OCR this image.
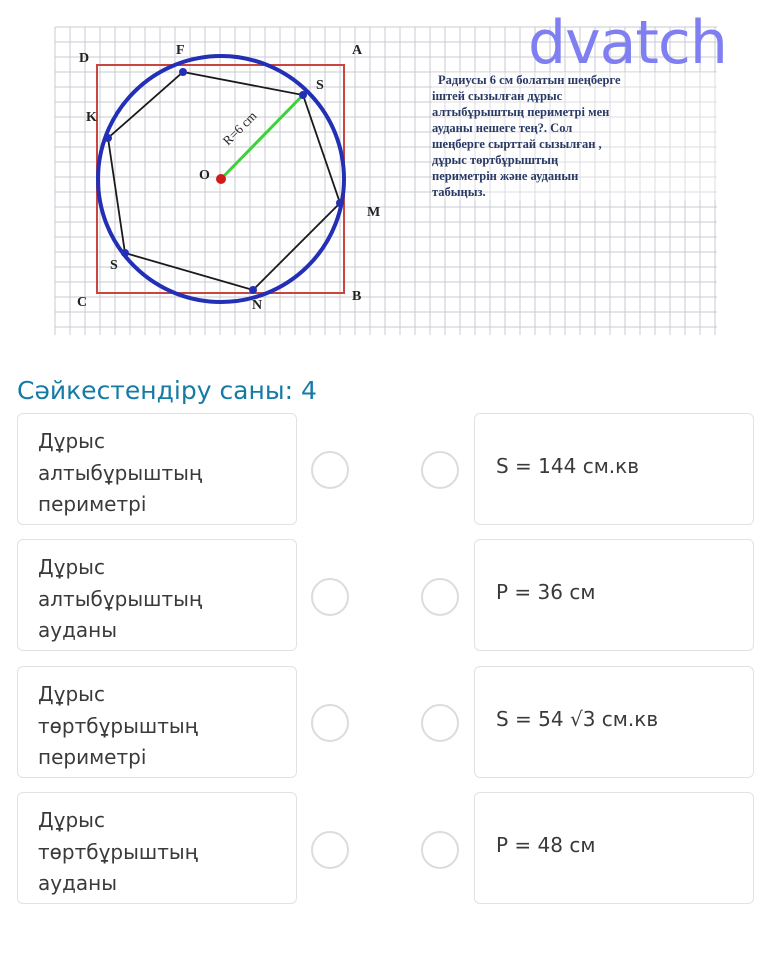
D
F	A
S
K
O
M
S
C	N
B
R=6 cm
Радиусы 6 см болатын шеңберге
іштей сызылған дұрыс
алтыбұрыштың периметрі мен
ауданы нешеге тең?. Сол
шеңберге сырттай сызылған ,
дұрыс төртбұрыштың
периметрін және ауданын
табыңыз.
dvatch
Сәйкестендіру саны: 4
Дұрыс
алтыбұрыштың
периметрі
S = 144 см.кв
Дұрыс
алтыбұрыштың
ауданы
P = 36 см
Дұрыс
төртбұрыштың
периметрі
S = 54 √3 см.кв
Дұрыс
төртбұрыштың
ауданы
P = 48 см
